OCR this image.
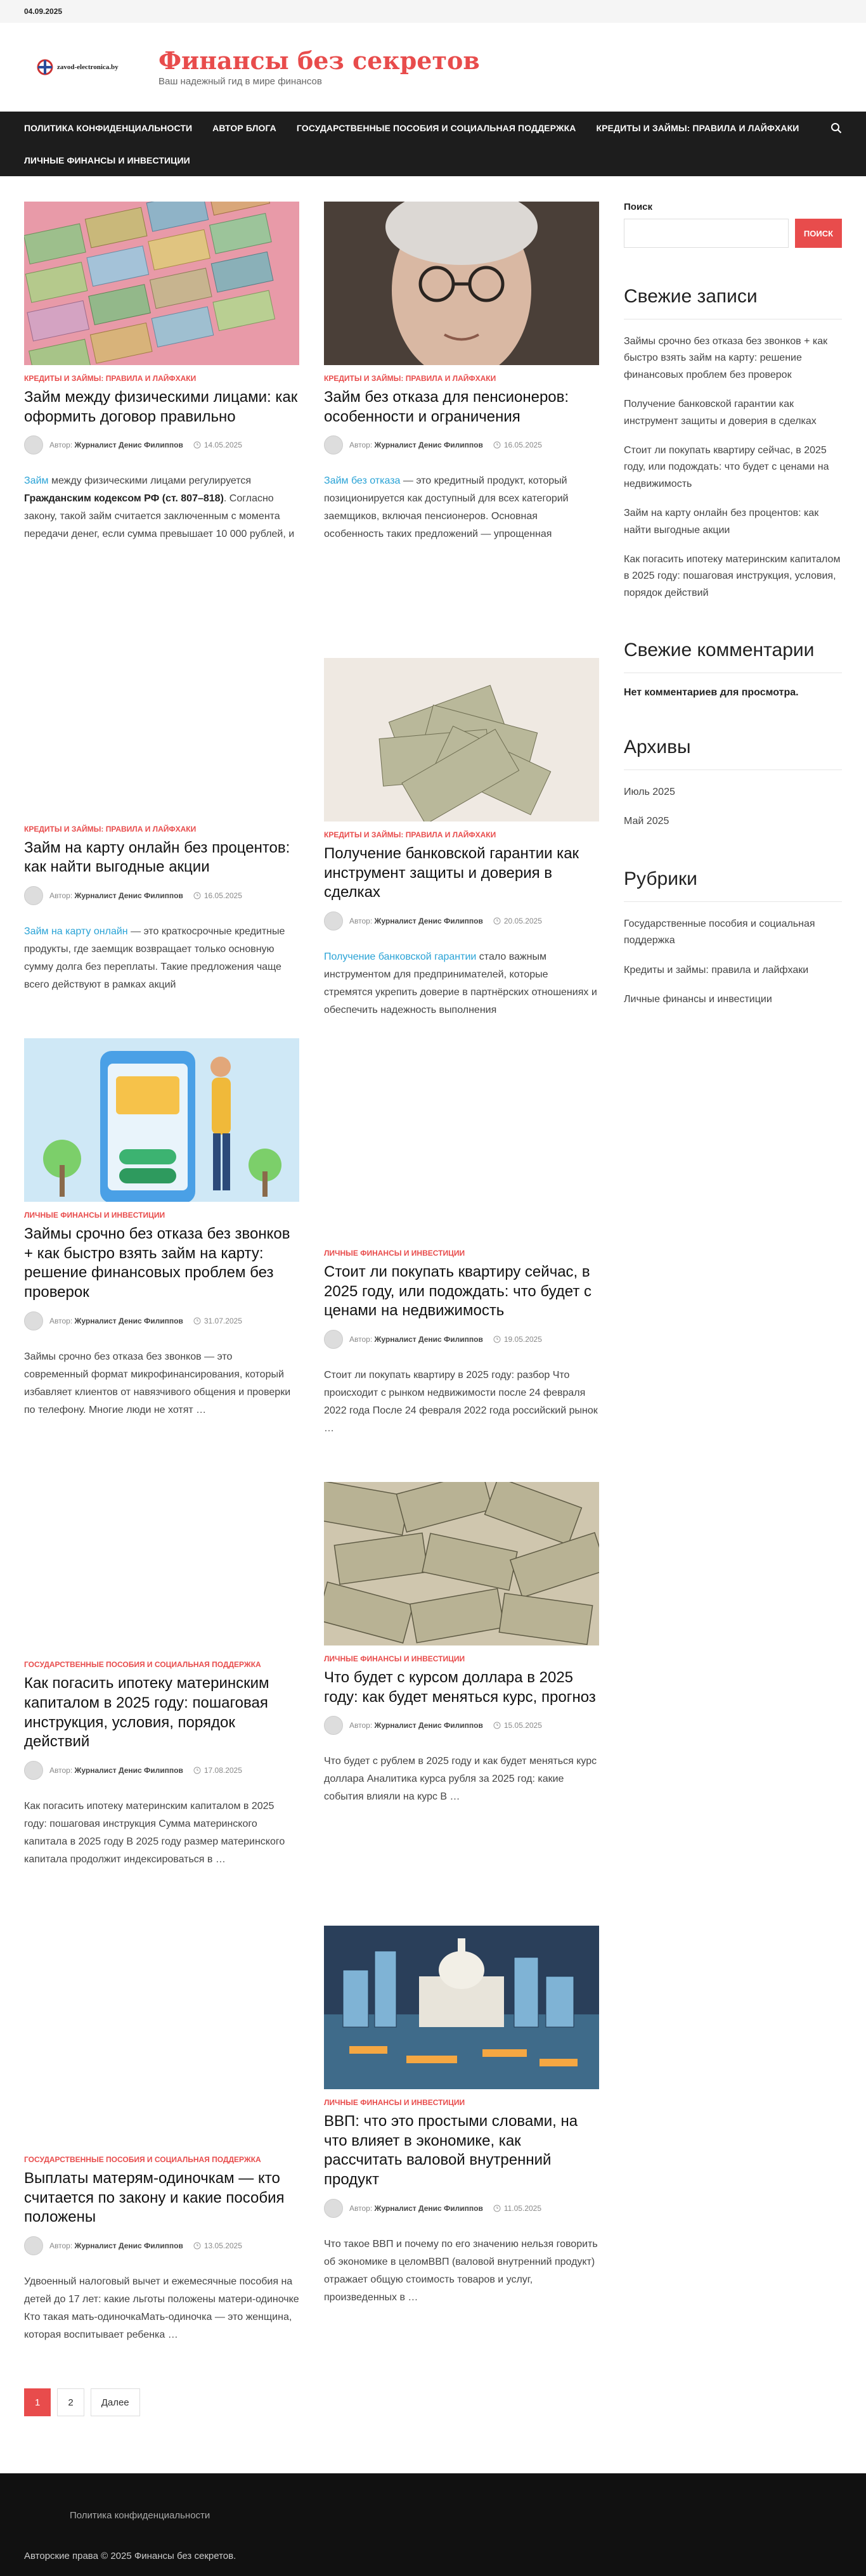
04.09.2025
zavod-electronica.by Финансы без секретов
Ваш надежный гид в мире финансов
ПОЛИТИКА КОНФИДЕНЦИАЛЬНОСТИ АВТОР БЛОГА ГОСУДАРСТВЕННЫЕ ПОСОБИЯ И СОЦИАЛЬНАЯ ПОДДЕРЖКА КРЕДИТЫ И ЗАЙМЫ: ПРАВИЛА И ЛАЙФХАКИ
ЛИЧНЫЕ ФИНАНСЫ И ИНВЕСТИЦИИ
КРЕДИТЫ И ЗАЙМЫ: ПРАВИЛА И ЛАЙФХАКИ
Займ между физическими лицами: как оформить договор правильно
Автор: Журналист Денис Филиппов	14.05.2025

Займ между физическими лицами регулируется Гражданским кодексом РФ (ст. 807–818). Согласно закону, такой займ считается заключенным с момента передачи денег, если сумма превышает 10 000 рублей, и

КРЕДИТЫ И ЗАЙМЫ: ПРАВИЛА И ЛАЙФХАКИ
Займ без отказа для пенсионеров: особенности и ограничения
Автор: Журналист Денис Филиппов	16.05.2025

Займ без отказа — это кредитный продукт, который позиционируется как доступный для всех категорий заемщиков, включая пенсионеров. Основная особенность таких предложений — упрощенная

КРЕДИТЫ И ЗАЙМЫ: ПРАВИЛА И ЛАЙФХАКИ
Займ на карту онлайн без процентов: как найти выгодные акции
Автор: Журналист Денис Филиппов	16.05.2025

Займ на карту онлайн — это краткосрочные кредитные продукты, где заемщик возвращает только основную сумму долга без переплаты. Такие предложения чаще всего действуют в рамках акций

КРЕДИТЫ И ЗАЙМЫ: ПРАВИЛА И ЛАЙФХАКИ
Получение банковской гарантии как инструмент защиты и доверия в сделках
Автор: Журналист Денис Филиппов	20.05.2025

Получение банковской гарантии стало важным инструментом для предпринимателей, которые стремятся укрепить доверие в партнёрских отношениях и обеспечить надежность выполнения

ЛИЧНЫЕ ФИНАНСЫ И ИНВЕСТИЦИИ
Займы срочно без отказа без звонков + как быстро взять займ на карту: решение финансовых проблем без проверок
Автор: Журналист Денис Филиппов	31.07.2025

Займы срочно без отказа без звонков — это современный формат микрофинансирования, который избавляет клиентов от навязчивого общения и проверки по телефону. Многие люди не хотят …

ЛИЧНЫЕ ФИНАНСЫ И ИНВЕСТИЦИИ
Стоит ли покупать квартиру сейчас, в 2025 году, или подождать: что будет с ценами на недвижимость
Автор: Журналист Денис Филиппов	19.05.2025

Стоит ли покупать квартиру в 2025 году: разбор Что происходит с рынком недвижимости после 24 февраля 2022 года После 24 февраля 2022 года российский рынок …

ГОСУДАРСТВЕННЫЕ ПОСОБИЯ И СОЦИАЛЬНАЯ ПОДДЕРЖКА
Как погасить ипотеку материнским капиталом в 2025 году: пошаговая инструкция, условия, порядок действий
Автор: Журналист Денис Филиппов	17.08.2025

Как погасить ипотеку материнским капиталом в 2025 году: пошаговая инструкция Сумма материнского капитала в 2025 году В 2025 году размер материнского капитала продолжит индексироваться в …

ЛИЧНЫЕ ФИНАНСЫ И ИНВЕСТИЦИИ
Что будет с курсом доллара в 2025 году: как будет меняться курс, прогноз
Автор: Журналист Денис Филиппов	15.05.2025

Что будет с рублем в 2025 году и как будет меняться курс доллара Аналитика курса рубля за 2025 год: какие события влияли на курс В …

ГОСУДАРСТВЕННЫЕ ПОСОБИЯ И СОЦИАЛЬНАЯ ПОДДЕРЖКА
Выплаты матерям-одиночкам — кто считается по закону и какие пособия положены
Автор: Журналист Денис Филиппов	13.05.2025

Удвоенный налоговый вычет и ежемесячные пособия на детей до 17 лет: какие льготы положены матери-одиночке Кто такая мать-одиночкаМать-одиночка — это женщина, которая воспитывает ребенка …

ЛИЧНЫЕ ФИНАНСЫ И ИНВЕСТИЦИИ
ВВП: что это простыми словами, на что влияет в экономике, как рассчитать валовой внутренний продукт
Автор: Журналист Денис Филиппов	11.05.2025

Что такое ВВП и почему по его значению нельзя говорить об экономике в целомВВП (валовой внутренний продукт) отражает общую стоимость товаров и услуг, произведенных в …

1	2	Далее
Поиск
ПОИСК
Свежие записи
Займы срочно без отказа без звонков + как быстро взять займ на карту: решение финансовых проблем без проверок
Получение банковской гарантии как инструмент защиты и доверия в сделках
Стоит ли покупать квартиру сейчас, в 2025 году, или подождать: что будет с ценами на недвижимость
Займ на карту онлайн без процентов: как найти выгодные акции
Как погасить ипотеку материнским капиталом в 2025 году: пошаговая инструкция, условия, порядок действий
Свежие комментарии
Нет комментариев для просмотра.
Архивы
Июль 2025
Май 2025
Рубрики
Государственные пособия и социальная поддержка
Кредиты и займы: правила и лайфхаки
Личные финансы и инвестиции
Политика конфиденциальности
Авторские права © 2025 Финансы без секретов.
